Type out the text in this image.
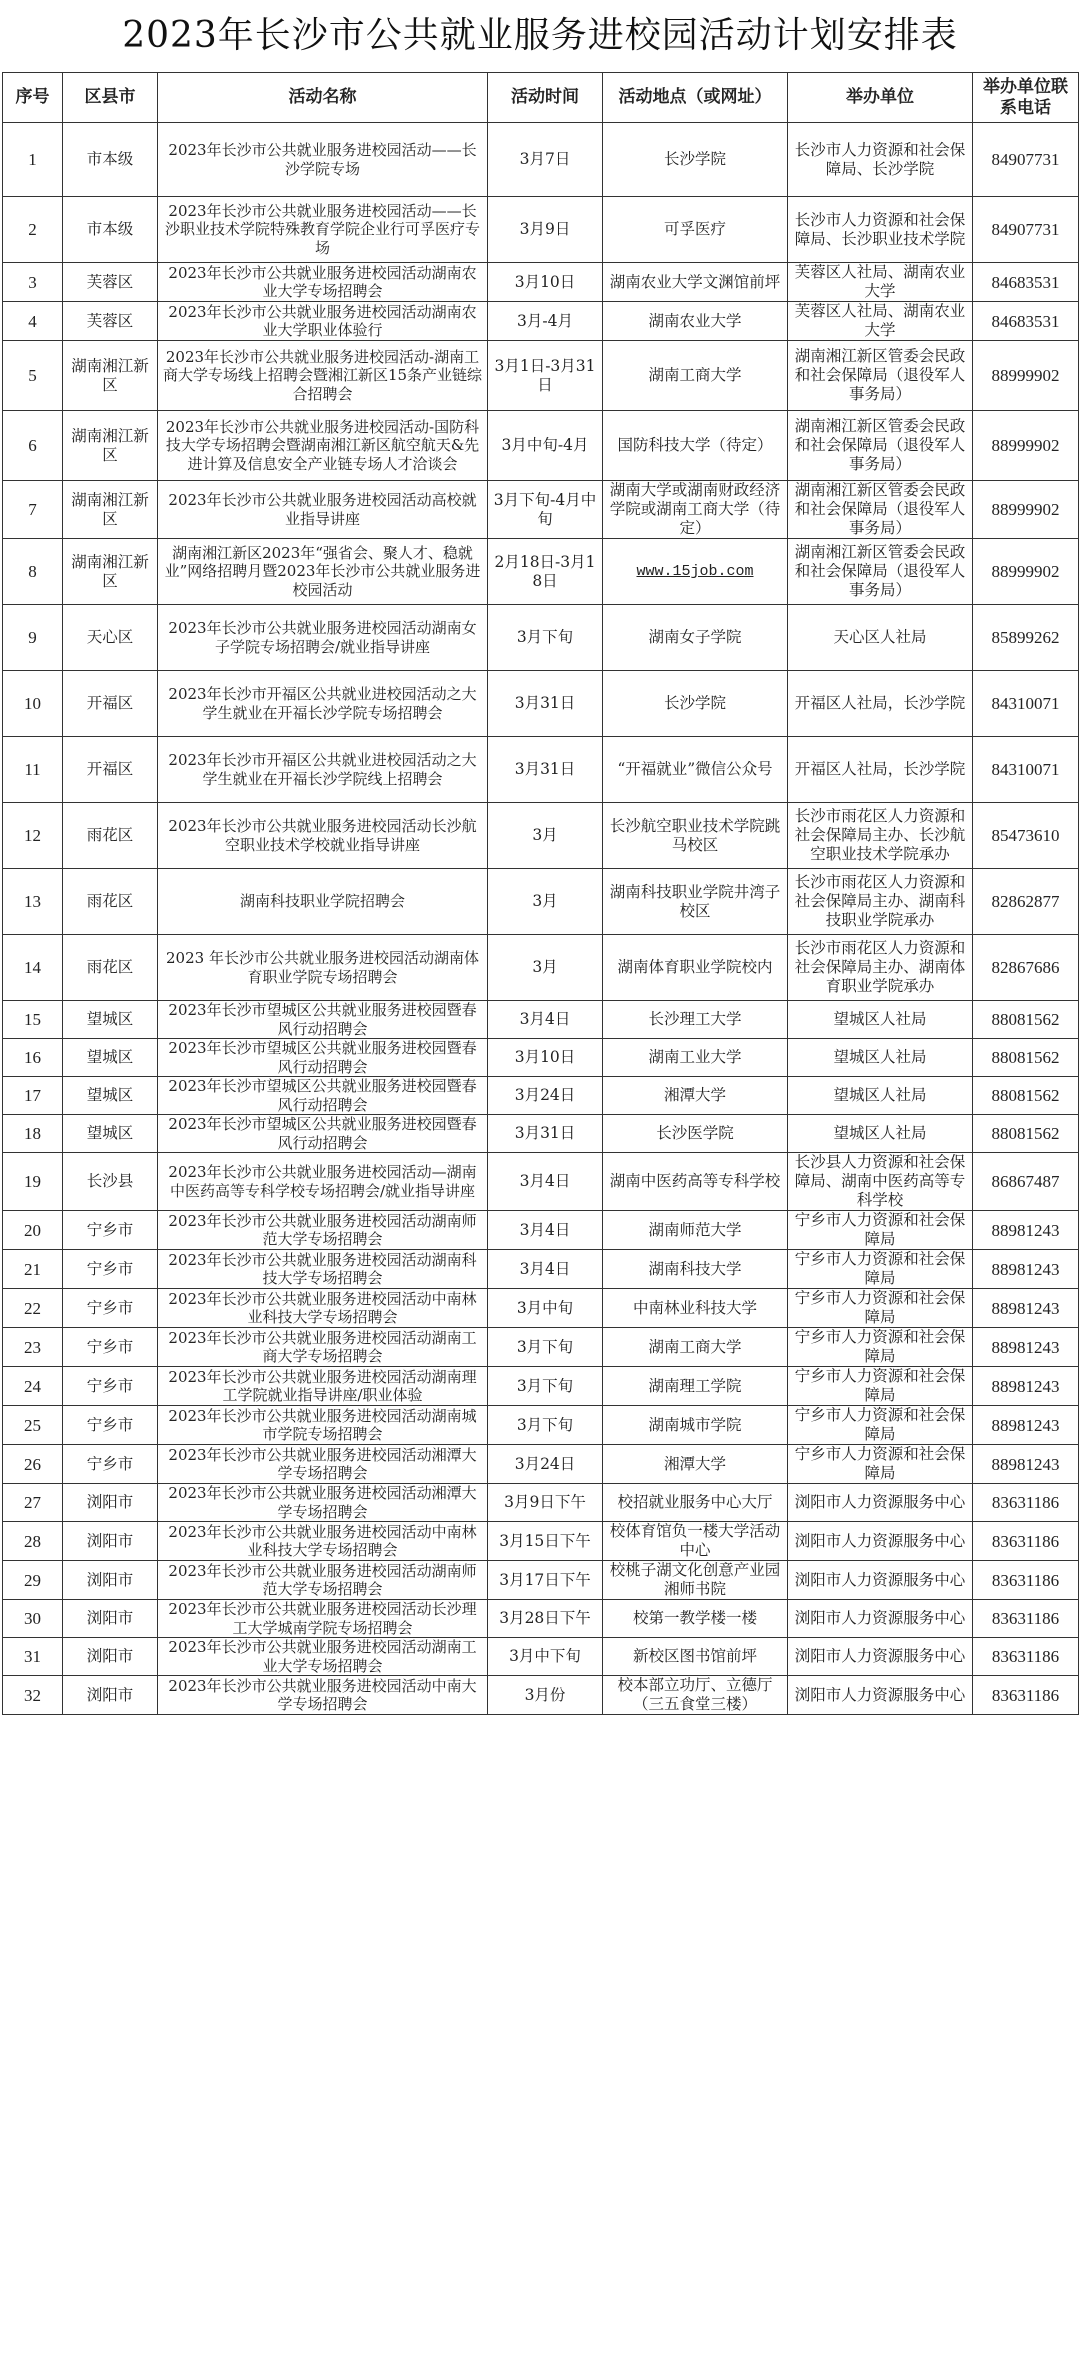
2023年长沙市公共就业服务进校园活动计划安排表
序号	区县市	活动名称	活动时间	活动地点（或网址）	举办单位	举办单位联系电话
1	市本级	2023年长沙市公共就业服务进校园活动——长沙学院专场	3月7日	长沙学院	长沙市人力资源和社会保障局、长沙学院	84907731
2	市本级	2023年长沙市公共就业服务进校园活动——长沙职业技术学院特殊教育学院企业行可孚医疗专场	3月9日	可孚医疗	长沙市人力资源和社会保障局、长沙职业技术学院	84907731
3	芙蓉区	2023年长沙市公共就业服务进校园活动湖南农业大学专场招聘会	3月10日	湖南农业大学文渊馆前坪	芙蓉区人社局、湖南农业大学	84683531
4	芙蓉区	2023年长沙市公共就业服务进校园活动湖南农业大学职业体验行	3月-4月	湖南农业大学	芙蓉区人社局、湖南农业大学	84683531
5	湖南湘江新区	2023年长沙市公共就业服务进校园活动-湖南工商大学专场线上招聘会暨湘江新区15条产业链综合招聘会	3月1日-3月31日	湖南工商大学	湖南湘江新区管委会民政和社会保障局（退役军人事务局）	88999902
6	湖南湘江新区	2023年长沙市公共就业服务进校园活动-国防科技大学专场招聘会暨湖南湘江新区航空航天&先进计算及信息安全产业链专场人才洽谈会	3月中旬-4月	国防科技大学（待定）	湖南湘江新区管委会民政和社会保障局（退役军人事务局）	88999902
7	湖南湘江新区	2023年长沙市公共就业服务进校园活动高校就业指导讲座	3月下旬-4月中旬	湖南大学或湖南财政经济学院或湖南工商大学（待定）	湖南湘江新区管委会民政和社会保障局（退役军人事务局）	88999902
8	湖南湘江新区	湖南湘江新区2023年“强省会、聚人才、稳就业”网络招聘月暨2023年长沙市公共就业服务进校园活动	2月18日-3月18日	www.15job.com	湖南湘江新区管委会民政和社会保障局（退役军人事务局）	88999902
9	天心区	2023年长沙市公共就业服务进校园活动湖南女子学院专场招聘会/就业指导讲座	3月下旬	湖南女子学院	天心区人社局	85899262
10	开福区	2023年长沙市开福区公共就业进校园活动之大学生就业在开福长沙学院专场招聘会	3月31日	长沙学院	开福区人社局，长沙学院	84310071
11	开福区	2023年长沙市开福区公共就业进校园活动之大学生就业在开福长沙学院线上招聘会	3月31日	“开福就业”微信公众号	开福区人社局，长沙学院	84310071
12	雨花区	2023年长沙市公共就业服务进校园活动长沙航空职业技术学校就业指导讲座	3月	长沙航空职业技术学院跳马校区	长沙市雨花区人力资源和社会保障局主办、长沙航空职业技术学院承办	85473610
13	雨花区	湖南科技职业学院招聘会	3月	湖南科技职业学院井湾子校区	长沙市雨花区人力资源和社会保障局主办、湖南科技职业学院承办	82862877
14	雨花区	2023 年长沙市公共就业服务进校园活动湖南体育职业学院专场招聘会	3月	湖南体育职业学院校内	长沙市雨花区人力资源和社会保障局主办、湖南体育职业学院承办	82867686
15	望城区	2023年长沙市望城区公共就业服务进校园暨春风行动招聘会	3月4日	长沙理工大学	望城区人社局	88081562
16	望城区	2023年长沙市望城区公共就业服务进校园暨春风行动招聘会	3月10日	湖南工业大学	望城区人社局	88081562
17	望城区	2023年长沙市望城区公共就业服务进校园暨春风行动招聘会	3月24日	湘潭大学	望城区人社局	88081562
18	望城区	2023年长沙市望城区公共就业服务进校园暨春风行动招聘会	3月31日	长沙医学院	望城区人社局	88081562
19	长沙县	2023年长沙市公共就业服务进校园活动—湖南中医药高等专科学校专场招聘会/就业指导讲座	3月4日	湖南中医药高等专科学校	长沙县人力资源和社会保障局、湖南中医药高等专科学校	86867487
20	宁乡市	2023年长沙市公共就业服务进校园活动湖南师范大学专场招聘会	3月4日	湖南师范大学	宁乡市人力资源和社会保障局	88981243
21	宁乡市	2023年长沙市公共就业服务进校园活动湖南科技大学专场招聘会	3月4日	湖南科技大学	宁乡市人力资源和社会保障局	88981243
22	宁乡市	2023年长沙市公共就业服务进校园活动中南林业科技大学专场招聘会	3月中旬	中南林业科技大学	宁乡市人力资源和社会保障局	88981243
23	宁乡市	2023年长沙市公共就业服务进校园活动湖南工商大学专场招聘会	3月下旬	湖南工商大学	宁乡市人力资源和社会保障局	88981243
24	宁乡市	2023年长沙市公共就业服务进校园活动湖南理工学院就业指导讲座/职业体验	3月下旬	湖南理工学院	宁乡市人力资源和社会保障局	88981243
25	宁乡市	2023年长沙市公共就业服务进校园活动湖南城市学院专场招聘会	3月下旬	湖南城市学院	宁乡市人力资源和社会保障局	88981243
26	宁乡市	2023年长沙市公共就业服务进校园活动湘潭大学专场招聘会	3月24日	湘潭大学	宁乡市人力资源和社会保障局	88981243
27	浏阳市	2023年长沙市公共就业服务进校园活动湘潭大学专场招聘会	3月9日下午	校招就业服务中心大厅	浏阳市人力资源服务中心	83631186
28	浏阳市	2023年长沙市公共就业服务进校园活动中南林业科技大学专场招聘会	3月15日下午	校体育馆负一楼大学活动中心	浏阳市人力资源服务中心	83631186
29	浏阳市	2023年长沙市公共就业服务进校园活动湖南师范大学专场招聘会	3月17日下午	校桃子湖文化创意产业园湘师书院	浏阳市人力资源服务中心	83631186
30	浏阳市	2023年长沙市公共就业服务进校园活动长沙理工大学城南学院专场招聘会	3月28日下午	校第一教学楼一楼	浏阳市人力资源服务中心	83631186
31	浏阳市	2023年长沙市公共就业服务进校园活动湖南工业大学专场招聘会	3月中下旬	新校区图书馆前坪	浏阳市人力资源服务中心	83631186
32	浏阳市	2023年长沙市公共就业服务进校园活动中南大学专场招聘会	3月份	校本部立功厅、立德厅（三五食堂三楼）	浏阳市人力资源服务中心	83631186
